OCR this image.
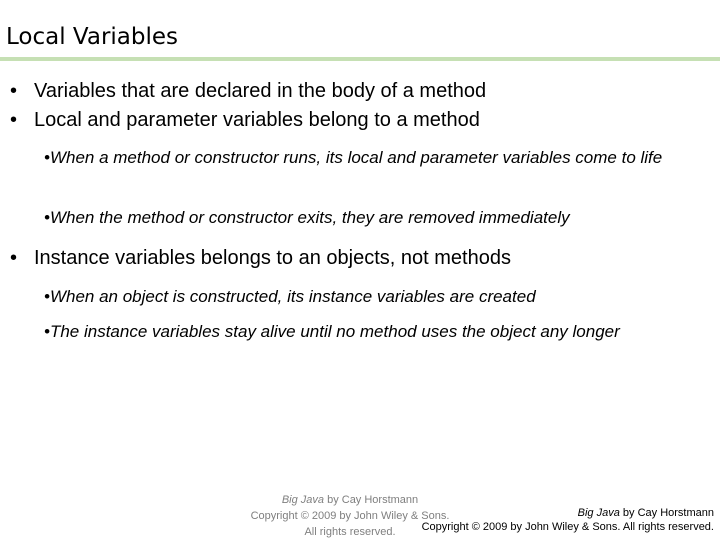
Local Variables
• Variables that are declared in the body of a method
• Local and parameter variables belong to a method
•When a method or constructor runs, its local and parameter variables come to life
•When the method or constructor exits, they are removed immediately
• Instance variables belongs to an objects, not methods
•When an object is constructed, its instance variables are created
•The instance variables stay alive until no method uses the object any longer
Big Java by Cay Horstmann
Copyright © 2009 by John Wiley & Sons.
All rights reserved.
Big Java by Cay Horstmann
Copyright © 2009 by John Wiley & Sons. All rights reserved.
